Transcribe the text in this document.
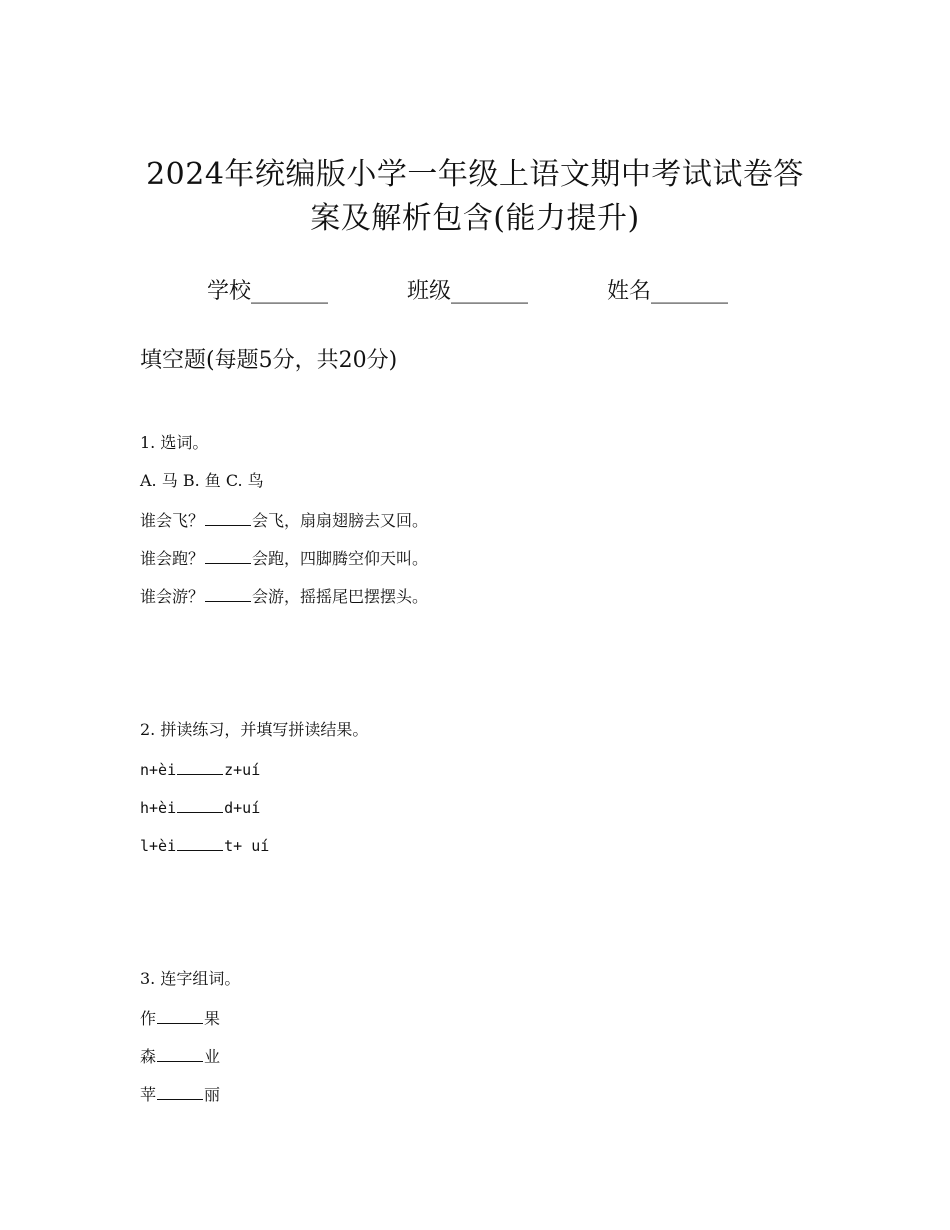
2024年统编版小学一年级上语文期中考试试卷答
案及解析包含(能力提升)
学校_______	班级_______	姓名_______
填空题(每题5分，共20分)
1. 选词。
A. 马 B. 鱼 C. 鸟
谁会飞？	会飞，扇扇翅膀去又回。
谁会跑？	会跑，四脚腾空仰天叫。
谁会游？	会游，摇摇尾巴摆摆头。
2. 拼读练习，并填写拼读结果。
n+èi	z+uí
h+èi	d+uí
l+èi	t+ uí
3. 连字组词。
作	果
森	业
苹	丽
